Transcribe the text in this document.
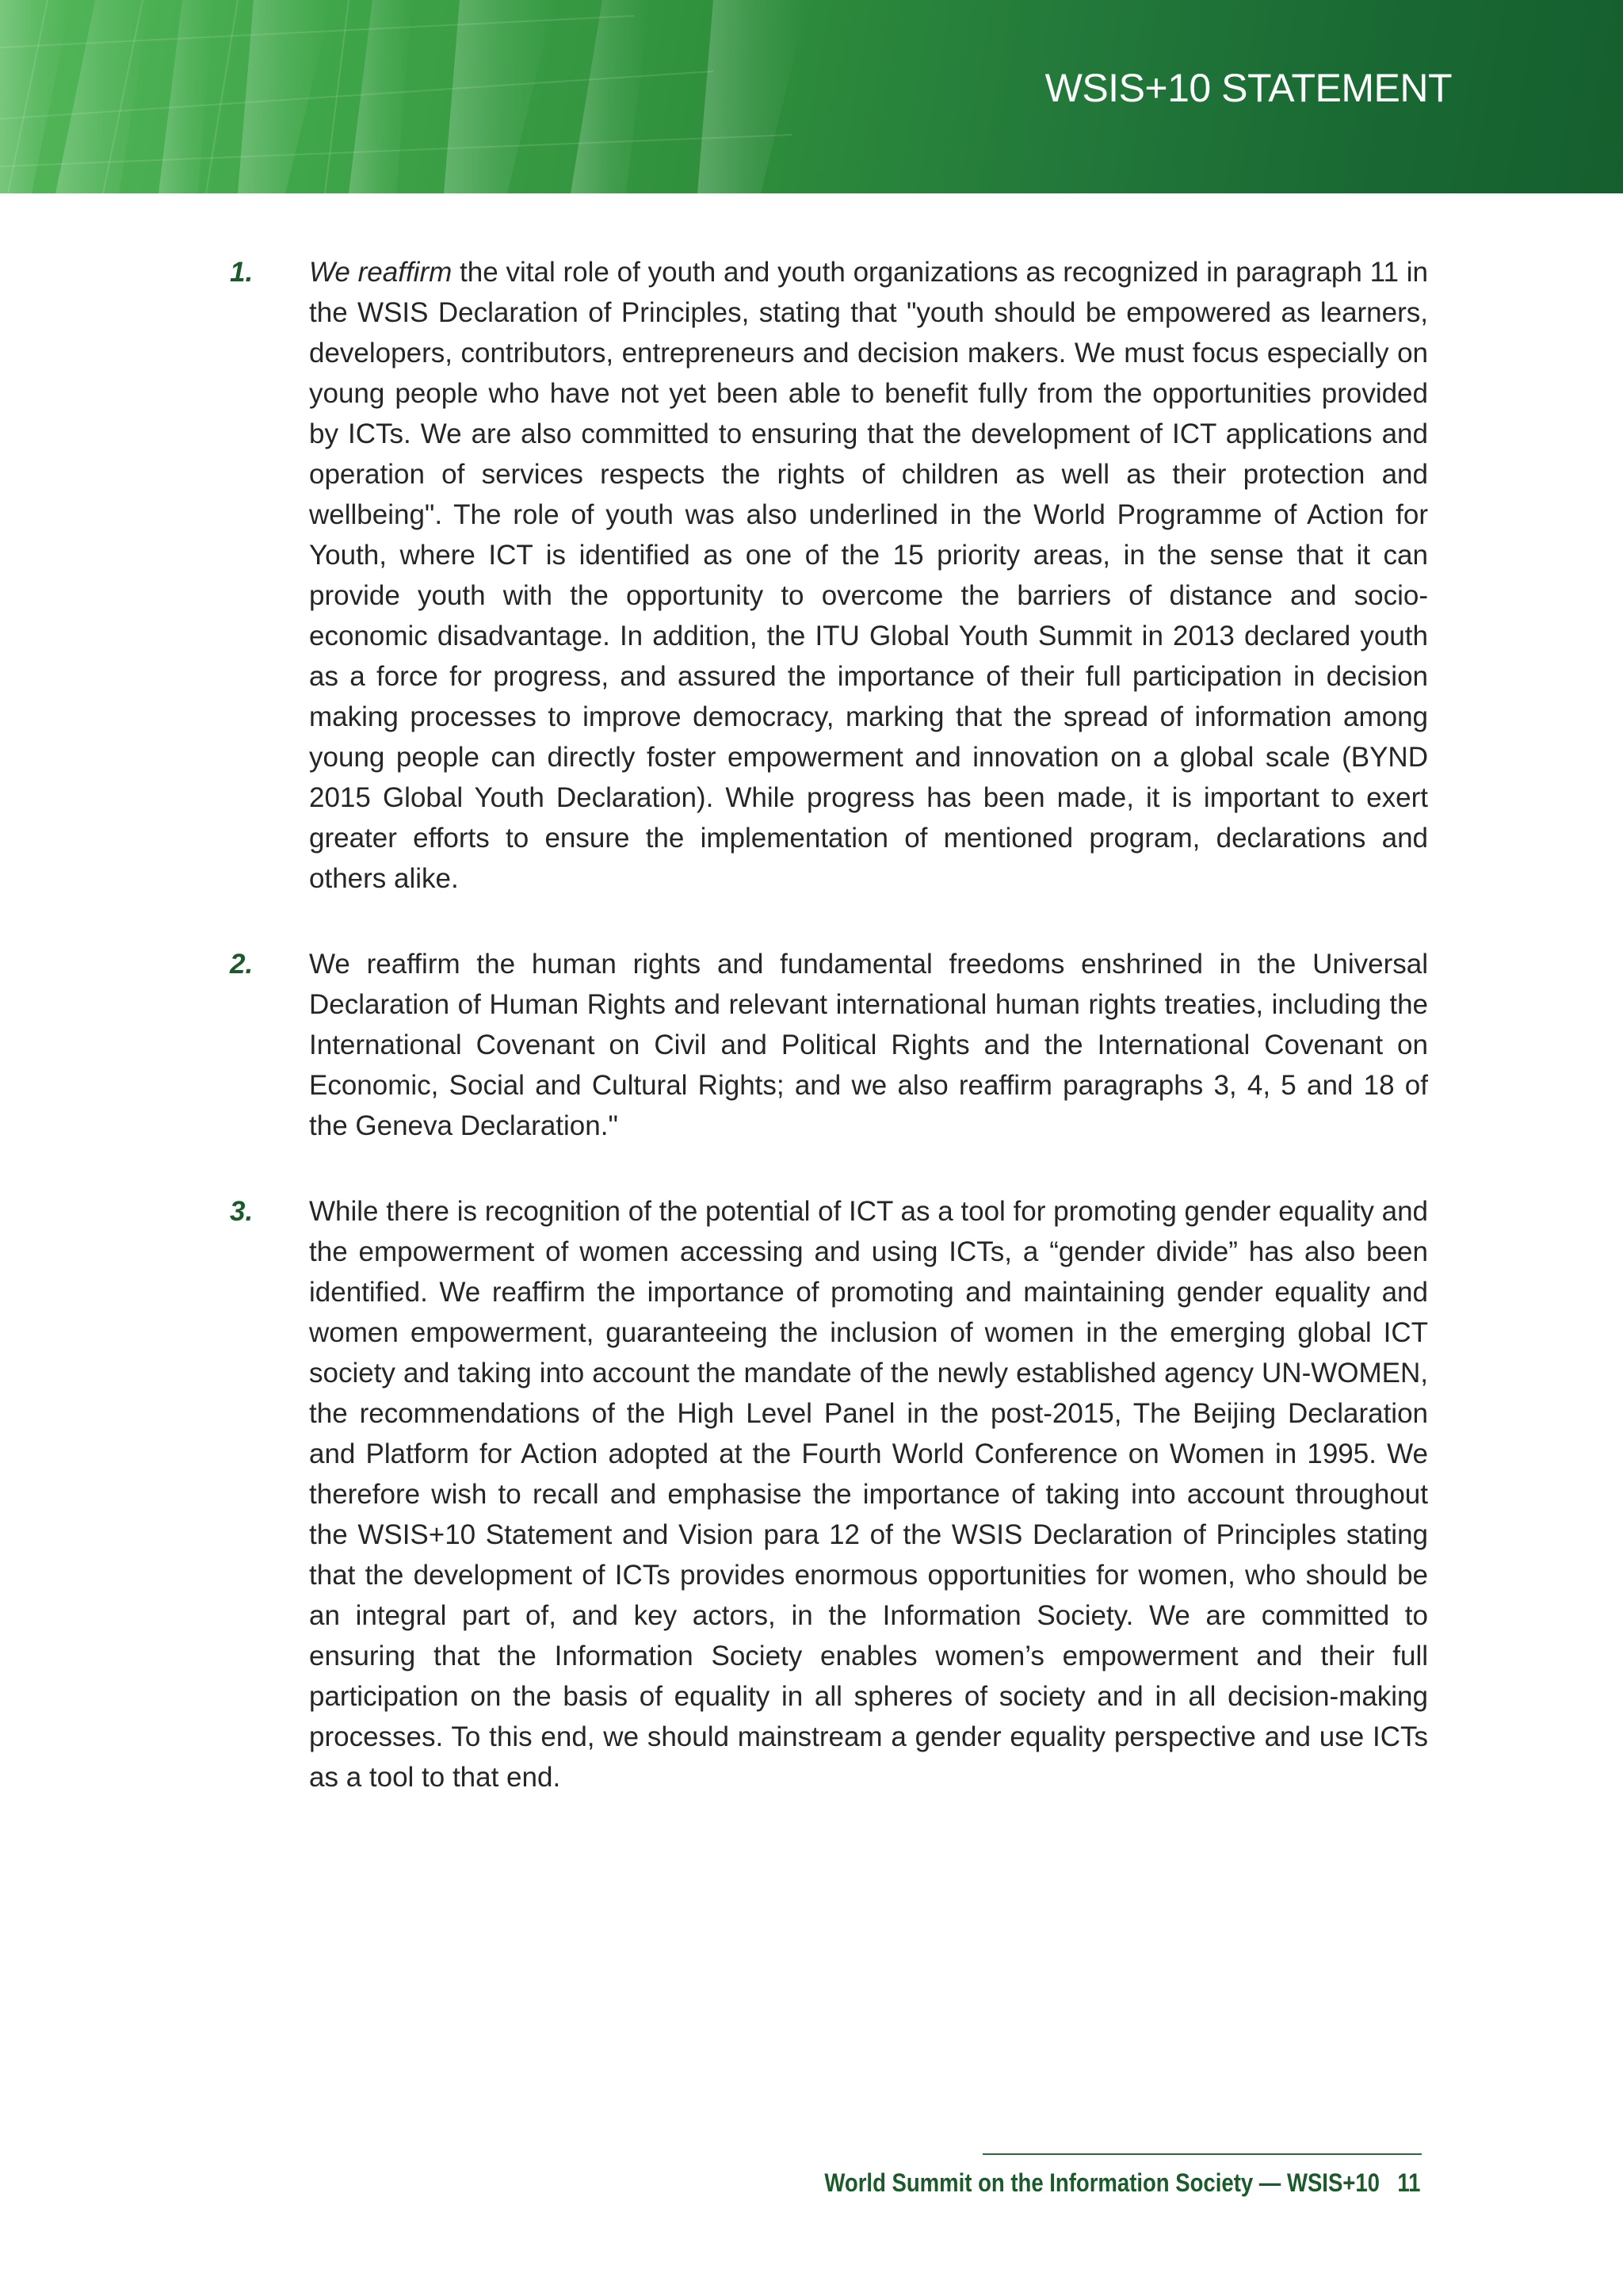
WSIS+10 STATEMENT
1.	We reaffirm the vital role of youth and youth organizations as recognized in paragraph 11 in the WSIS Declaration of Principles, stating that "youth should be empowered as learners, developers, contributors, entrepreneurs and decision makers. We must focus especially on young people who have not yet been able to benefit fully from the opportunities provided by ICTs. We are also committed to ensuring that the development of ICT applications and operation of services respects the rights of children as well as their protection and wellbeing". The role of youth was also underlined in the World Programme of Action for Youth, where ICT is identified as one of the 15 priority areas, in the sense that it can provide youth with the opportunity to overcome the barriers of distance and socio-economic disadvantage. In addition, the ITU Global Youth Summit in 2013 declared youth as a force for progress, and assured the importance of their full participation in decision making processes to improve democracy, marking that the spread of information among young people can directly foster empowerment and innovation on a global scale (BYND 2015 Global Youth Declaration). While progress has been made, it is important to exert greater efforts to ensure the implementation of mentioned program, declarations and others alike.
2.	We reaffirm the human rights and fundamental freedoms enshrined in the Universal Declaration of Human Rights and relevant international human rights treaties, including the International Covenant on Civil and Political Rights and the International Covenant on Economic, Social and Cultural Rights; and we also reaffirm paragraphs 3, 4, 5 and 18 of the Geneva Declaration."
3.	While there is recognition of the potential of ICT as a tool for promoting gender equality and the empowerment of women accessing and using ICTs, a “gender divide” has also been identified. We reaffirm the importance of promoting and maintaining gender equality and women empowerment, guaranteeing the inclusion of women in the emerging global ICT society and taking into account the mandate of the newly established agency UN-WOMEN, the recommendations of the High Level Panel in the post-2015, The Beijing Declaration and Platform for Action adopted at the Fourth World Conference on Women in 1995. We therefore wish to recall and emphasise the importance of taking into account throughout the WSIS+10 Statement and Vision para 12 of the WSIS Declaration of Principles stating that the development of ICTs provides enormous opportunities for women, who should be an integral part of, and key actors, in the Information Society. We are committed to ensuring that the Information Society enables women’s empowerment and their full participation on the basis of equality in all spheres of society and in all decision-making processes. To this end, we should mainstream a gender equality perspective and use ICTs as a tool to that end.
World Summit on the Information Society — WSIS+10 11
